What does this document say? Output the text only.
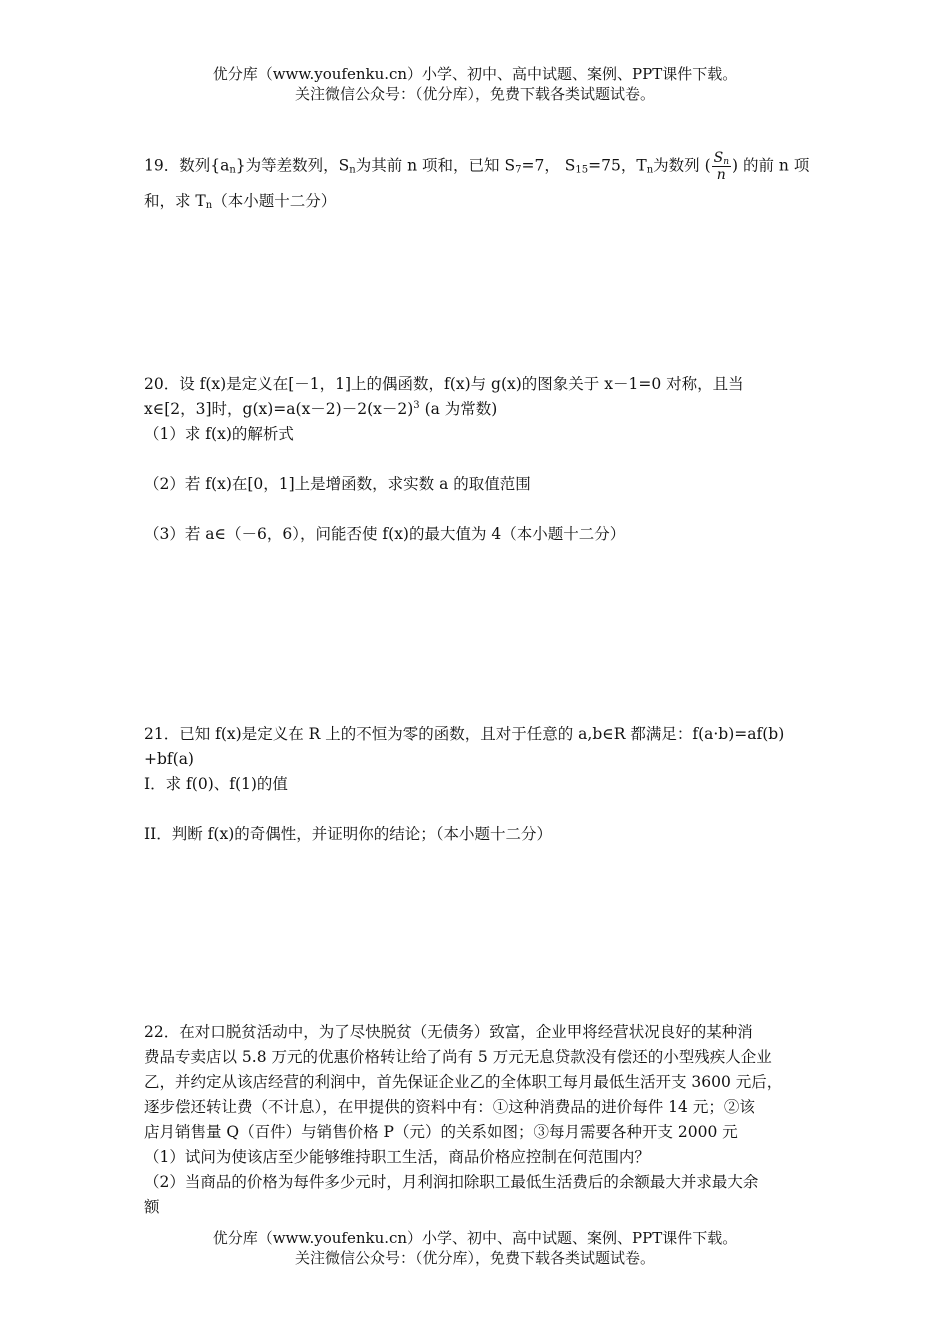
优分库（www.youfenku.cn）小学、初中、高中试题、案例、PPT课件下载。
关注微信公众号：（优分库），免费下载各类试题试卷。

19．数列$\{a_n\}$为等差数列，$S_n$为其前 n 项和，已知 $S_7=7$， $S_{15}=75$，$T_n$为数列 ( $\frac{S_n}{n}$ ) 的前 n 项

和，求 $T_n$（本小题十二分）

20．设 f(x)是定义在[－1，1]上的偶函数，f(x)与 g(x)的图象关于 x－1=0 对称，且当

x∈[2，3]时，$g(x)=a(x-2)-2(x-2)^3$ (a 为常数)

（1）求 f(x)的解析式

（2）若 f(x)在[0，1]上是增函数，求实数 a 的取值范围

（3）若 a∈（－6，6），问能否使 f(x)的最大值为 4（本小题十二分）

21．已知 f(x)是定义在 R 上的不恒为零的函数，且对于任意的 a,b∈R 都满足：f(a·b)=af(b)

+bf(a)

I．求 f(0)、f(1)的值

II．判断 f(x)的奇偶性，并证明你的结论；（本小题十二分）

22．在对口脱贫活动中，为了尽快脱贫（无债务）致富，企业甲将经营状况良好的某种消

费品专卖店以 5.8 万元的优惠价格转让给了尚有 5 万元无息贷款没有偿还的小型残疾人企业

乙，并约定从该店经营的利润中，首先保证企业乙的全体职工每月最低生活开支 3600 元后，

逐步偿还转让费（不计息），在甲提供的资料中有：①这种消费品的进价每件 14 元；②该

店月销售量 Q（百件）与销售价格 P（元）的关系如图；③每月需要各种开支 2000 元

（1）试问为使该店至少能够维持职工生活，商品价格应控制在何范围内？

（2）当商品的价格为每件多少元时，月利润扣除职工最低生活费后的余额最大并求最大余

额

优分库（www.youfenku.cn）小学、初中、高中试题、案例、PPT课件下载。
关注微信公众号：（优分库），免费下载各类试题试卷。
